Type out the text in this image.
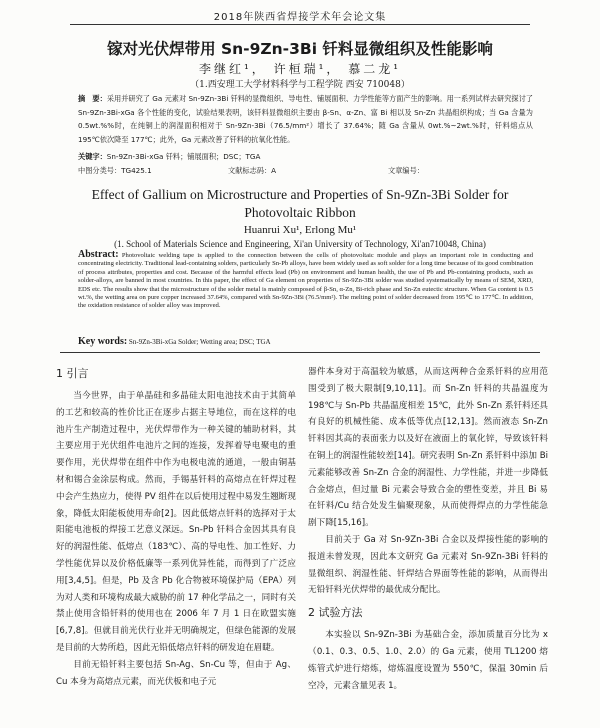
2018年陕西省焊接学术年会论文集
镓对光伏焊带用 Sn-9Zn-3Bi 钎料显微组织及性能影响
李继红¹， 许桓瑞¹， 慕二龙¹
（1.西安理工大学材料科学与工程学院 西安 710048）
摘　要：采用并研究了 Ga 元素对 Sn-9Zn-3Bi 钎料的显微组织、导电性、铺展面积、力学性能等方面产生的影响。用一系列试样去研究探讨了 Sn-9Zn-3Bi-xGa 各个性能的变化，试验结果表明，该钎料显微组织主要由 β-Sn、α-Zn、富 Bi 相以及 Sn-Zn 共晶组织构成；当 Ga 含量为 0.5wt.%%时，在纯铜上的润湿面积相对于 Sn-9Zn-3Bi（76.5/mm²）增长了 37.64%；随 Ga 含量从 0wt.%~2wt.%时，钎料熔点从 195℃依次降至 177℃；此外，Ga 元素改善了钎料的抗氧化性能。
关键字：Sn-9Zn-3Bi-xGa 钎料；铺展面积；DSC；TGA
中图分类号：TG425.1	文献标志码：A	文章编号：
Effect of Gallium on Microstructure and Properties of Sn-9Zn-3Bi Solder for Photovoltaic Ribbon
Huanrui Xu¹, Erlong Mu¹
(1. School of Materials Science and Engineering, Xi'an University of Technology, Xi'an710048, China)
Abstract: Photovoltaic welding tape is applied to the connection between the cells of photovoltaic module and plays an important role in conducting and concentrating electricity. Traditional lead-containing solders, particularly Sn-Pb alloys, have been widely used as soft solder for a long time because of its good combination of process attributes, properties and cost. Because of the harmful effects lead (Pb) on environment and human health, the use of Pb and Pb-containing products, such as solder-alloys, are banned in most countries. In this paper, the effect of Ga element on properties of Sn-9Zn-3Bi solder was studied systematically by means of SEM, XRD, EDS etc. The results show that the microstructure of the solder metal is mainly composed of β-Sn, α-Zn, Bi-rich phase and Sn-Zn eutectic structure. When Ga content is 0.5 wt.%, the wetting area on pure copper increased 37.64%, compared with Sn-9Zn-3Bi (76.5/mm²). The melting point of solder decreased from 195℃ to 177℃. In addition, the oxidation resistance of solder alloy was improved.
Key words: Sn-9Zn-3Bi-xGa Solder; Wetting area; DSC; TGA
1 引言

当今世界，由于单晶硅和多晶硅太阳电池技术由于其简单的工艺和较高的性价比正在逐步占据主导地位，而在这样的电池片生产制造过程中，光伏焊带作为一种关键的辅助材料，其主要应用于光伏组件电池片之间的连接，发挥着导电聚电的重要作用，光伏焊带在组件中作为电极电流的通道，一般由铜基材和锡合金涂层构成。然而，手锡基钎料的高熔点在钎焊过程中会产生热应力，使得 PV 组件在以后使用过程中易发生翘断现象，降低太阳能板使用寿命[2]。因此低熔点钎料的选择对于太阳能电池板的焊接工艺意义深远。Sn-Pb 钎料合金因其具有良好的润湿性能、低熔点（183℃）、高的导电性、加工性好、力学性能优异以及价格低廉等一系列优异性能，而得到了广泛应用[3,4,5]。但是，Pb 及含 Pb 化合物被环境保护局（EPA）列为对人类和环境构成最大威胁的前 17 种化学品之一，同时有关禁止使用含铅钎料的使用也在 2006 年 7 月 1 日在欧盟实施[6,7,8]。但就目前光伏行业并无明确规定，但绿色能源的发展是目前的大势所趋，因此无铅低熔点钎料的研发迫在眉睫。

目前无铅钎料主要包括 Sn-Ag、Sn-Cu 等，但由于 Ag、Cu 本身为高熔点元素，而光伏板和电子元

器件本身对于高温较为敏感，从而这两种合金系钎料的应用范围受到了极大限制[9,10,11]。而 Sn-Zn 钎料的共晶温度为 198℃与 Sn-Pb 共晶温度相差 15℃，此外 Sn-Zn 系钎料还具有良好的机械性能、成本低等优点[12,13]。然而液态 Sn-Zn 钎料因其高的表面张力以及好在液面上的氧化锌，导致该钎料在铜上的润湿性能较差[14]。研究表明 Sn-Zn 系钎料中添加 Bi 元素能够改善 Sn-Zn 合金的润湿性、力学性能，并进一步降低合金熔点，但过量 Bi 元素会导致合金的塑性变差，并且 Bi 易在钎料/Cu 结合处发生偏聚现象，从而使得焊点的力学性能急剧下降[15,16]。

目前关于 Ga 对 Sn-9Zn-3Bi 合金以及焊接性能的影响的报道未曾发现，因此本文研究 Ga 元素对 Sn-9Zn-3Bi 钎料的显微组织、润湿性能、钎焊结合界面等性能的影响，从而得出无铅钎料光伏焊带的最优成分配比。

2 试验方法

本实验以 Sn-9Zn-3Bi 为基础合金，添加质量百分比为 x（0.1、0.3、0.5、1.0、2.0）的 Ga 元素，使用 TL1200 熔炼管式炉进行熔炼，熔炼温度设置为 550℃，保温 30min 后空冷，元素含量见表 1。
